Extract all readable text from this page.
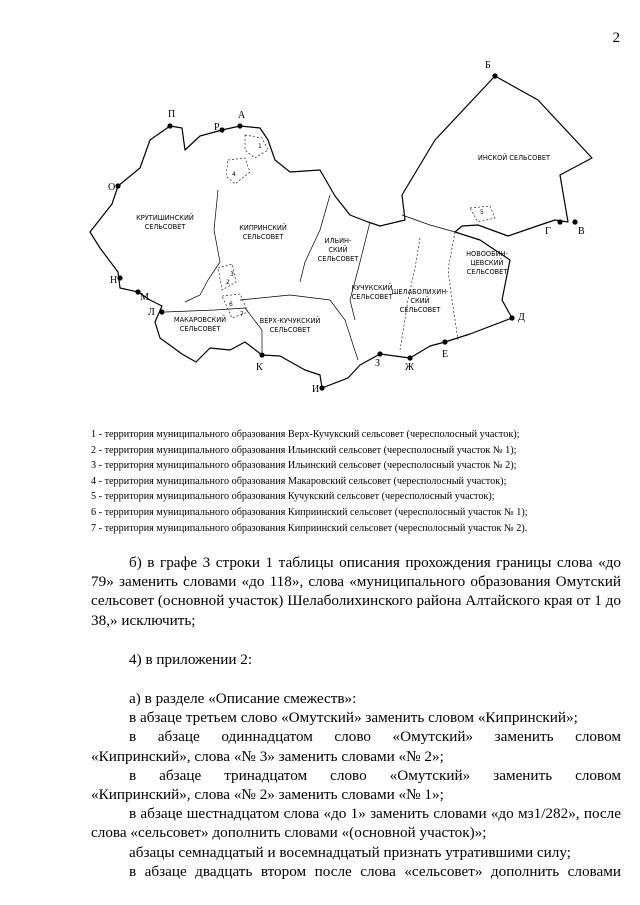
2
ИНСКОЙ СЕЛЬСОВЕТ
КРУТИШИНСКИЙ СЕЛЬСОВЕТ	КИПРИНСКИЙ СЕЛЬСОВЕТ	ИЛЬИН-СКИЙ СЕЛЬСОВЕТ
КУЧУКСКИЙ СЕЛЬСОВЕТ
ШЕЛАБОЛИХИН-СКИЙ СЕЛЬСОВЕТ
НОВООБИН-ЦЕВСКИЙ СЕЛЬСОВЕТ
МАКАРОВСКИЙ СЕЛЬСОВЕТ
ВЕРХ-КУЧУКСКИЙ СЕЛЬСОВЕТ
Б
П
Р
А
О
Н
М
Л
Г	В
Д
К
И
З Ж
Е
1
2
3
4
5
6
7
1 - территория муниципального образования Верх-Кучукский сельсовет (чересполосный участок);
2 - территория муниципального образования Ильинский сельсовет (чересполосный участок № 1);
3 - территория муниципального образования Ильинский сельсовет (чересполосный участок № 2);
4 - территория муниципального образования Макаровский сельсовет (чересполосный участок);
5 - территория муниципального образования Кучукский сельсовет (чересполосный участок);
6 - территория муниципального образования Киприинский сельсовет (чересполосный участок № 1);
7 - территория муниципального образования Киприинский сельсовет (чересполосный участок № 2).

б) в графе 3 строки 1 таблицы описания прохождения границы слова «до 79» заменить словами «до 118», слова «муниципального образования Омутский сельсовет (основной участок) Шелаболихинского района Алтайского края от 1 до 38,» исключить;

4) в приложении 2:

а) в разделе «Описание смежеств»:

в абзаце третьем слово «Омутский» заменить словом «Кипринский»;

в абзаце одиннадцатом слово «Омутский» заменить словом

«Кипринский», слова «№ 3» заменить словами «№ 2»;

в абзаце тринадцатом слово «Омутский» заменить словом

«Кипринский», слова «№ 2» заменить словами «№ 1»;

в абзаце шестнадцатом слова «до 1» заменить словами «до мз1/282», после слова «сельсовет» дополнить словами «(основной участок)»;

абзацы семнадцатый и восемнадцатый признать утратившими силу;

в абзаце двадцать втором после слова «сельсовет» дополнить словами
